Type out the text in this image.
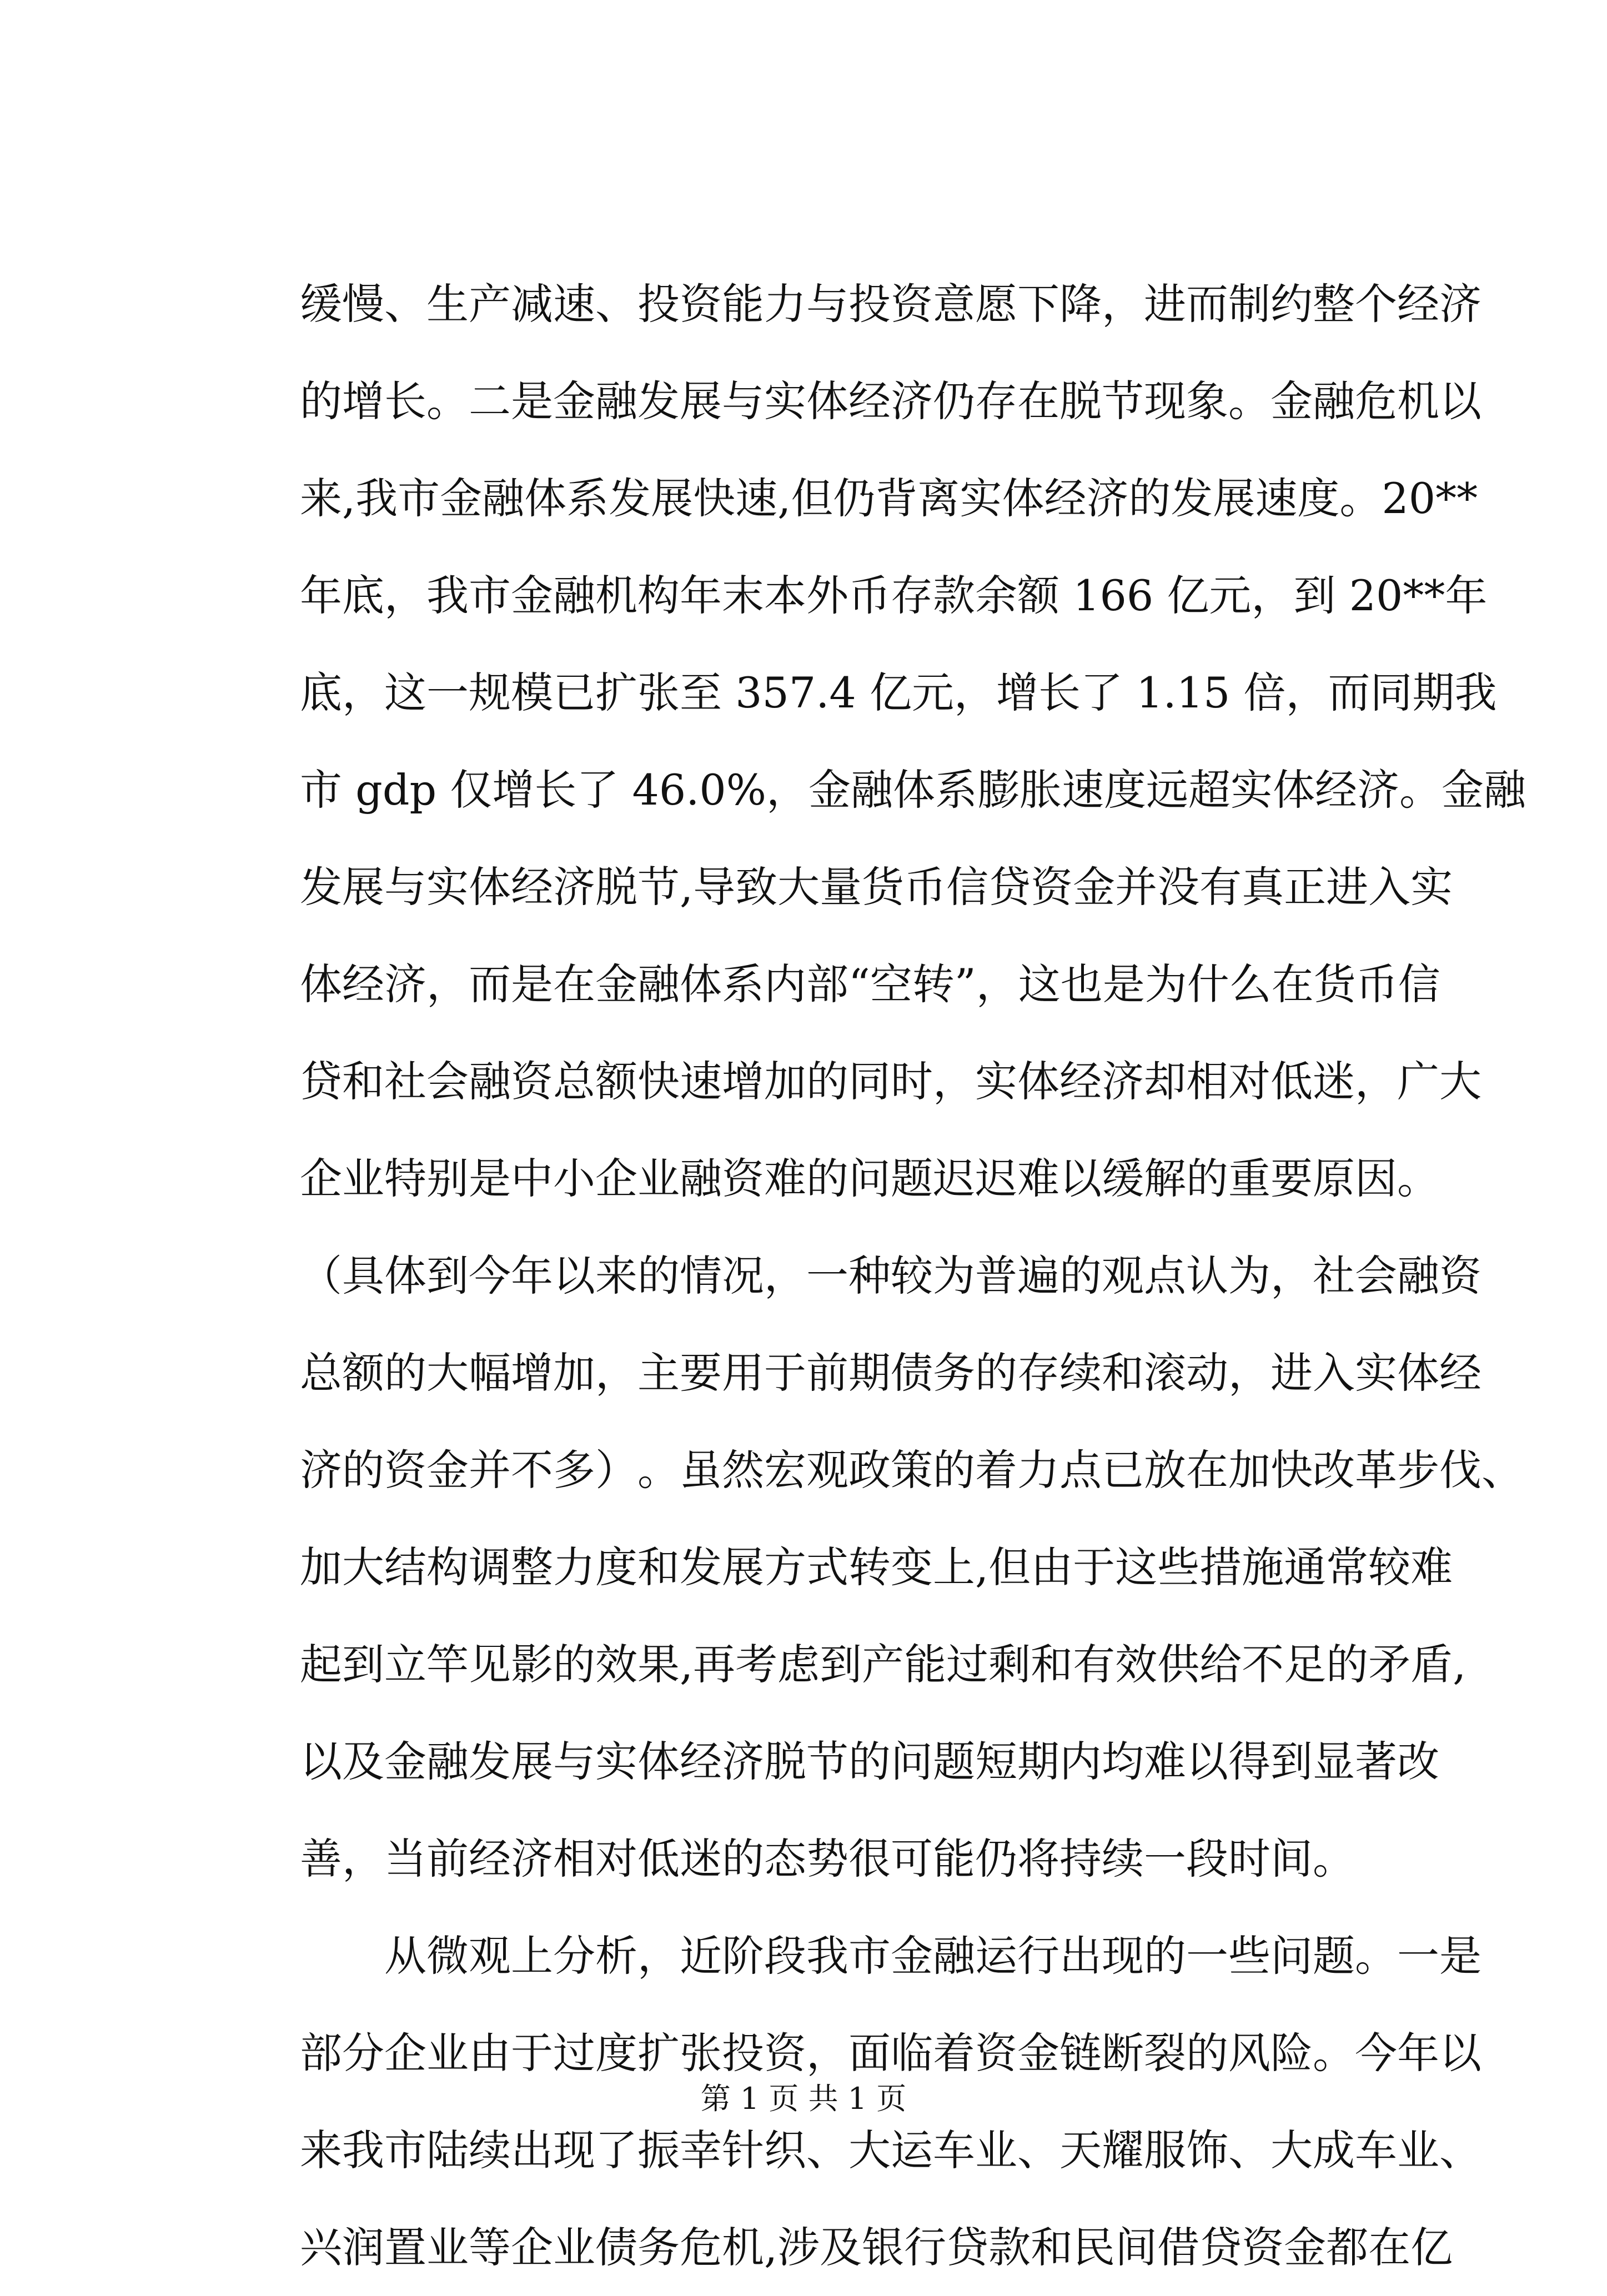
缓 慢 、 生 产 减 速 、 投 资 能 力 与 投 资 意 愿 下 降 ， 进 而 制 约 整 个 经 济
的 增 长 。 二 是 金 融 发 展 与 实 体 经 济 仍 存 在 脱 节 现 象 。 金 融 危 机 以
来 , 我 市 金 融 体 系 发 展 快 速 , 但 仍 背 离 实 体 经 济 的 发 展 速 度 。 2 0 * *
年 底 ， 我 市 金 融 机 构 年 末 本 外 币 存 款 余 额
1 6 6
亿 元 ， 到
2 0 * * 年
底 ， 这 一 规 模 已 扩 张 至
3 5 7 . 4
亿 元 ， 增 长 了
1 . 1 5
倍 ， 而 同 期 我
市
g d p
仅 增 长 了
4 6 . 0 % ， 金 融 体 系 膨 胀 速 度 远 超 实 体 经 济 。 金 融
发 展 与 实 体 经 济 脱 节 , 导 致 大 量 货 币 信 贷 资 金 并 没 有 真 正 进 入 实
体 经 济 ， 而 是 在 金 融 体 系 内 部 “ 空 转 ” ， 这 也 是 为 什 么 在 货 币 信
贷 和 社 会 融 资 总 额 快 速 增 加 的 同 时 ， 实 体 经 济 却 相 对 低 迷 ， 广 大
企 业 特 别 是 中 小 企 业 融 资 难 的 问 题 迟 迟 难 以 缓 解 的 重 要 原 因 。
（ 具 体 到 今 年 以 来 的 情 况 ， 一 种 较 为 普 遍 的 观 点 认 为 ， 社 会 融 资
总 额 的 大 幅 增 加 ， 主 要 用 于 前 期 债 务 的 存 续 和 滚 动 ， 进 入 实 体 经
济 的 资 金 并 不 多 ） 。 虽 然 宏 观 政 策 的 着 力 点 已 放 在 加 快 改 革 步 伐 、
加 大 结 构 调 整 力 度 和 发 展 方 式 转 变 上 , 但 由 于 这 些 措 施 通 常 较 难
起 到 立 竿 见 影 的 效 果 , 再 考 虑 到 产 能 过 剩 和 有 效 供 给 不 足 的 矛 盾 ,
以 及 金 融 发 展 与 实 体 经 济 脱 节 的 问 题 短 期 内 均 难 以 得 到 显 著 改
善，当前经济相对低迷的态势很可能仍将持续一段时间。
从 微 观 上 分 析 ， 近 阶 段 我 市 金 融 运 行 出 现 的 一 些 问 题 。 一 是
部 分 企 业 由 于 过 度 扩 张 投 资 ， 面 临 着 资 金 链 断 裂 的 风 险 。 今 年 以
来 我 市 陆 续 出 现 了 振 幸 针 织 、 大 运 车 业 、 天 耀 服 饰 、 大 成 车 业 、
兴 润 置 业 等 企 业 债 务 危 机 , 涉 及 银 行 贷 款 和 民 间 借 贷 资 金 都 在 亿
第 1 页 共 1 页
